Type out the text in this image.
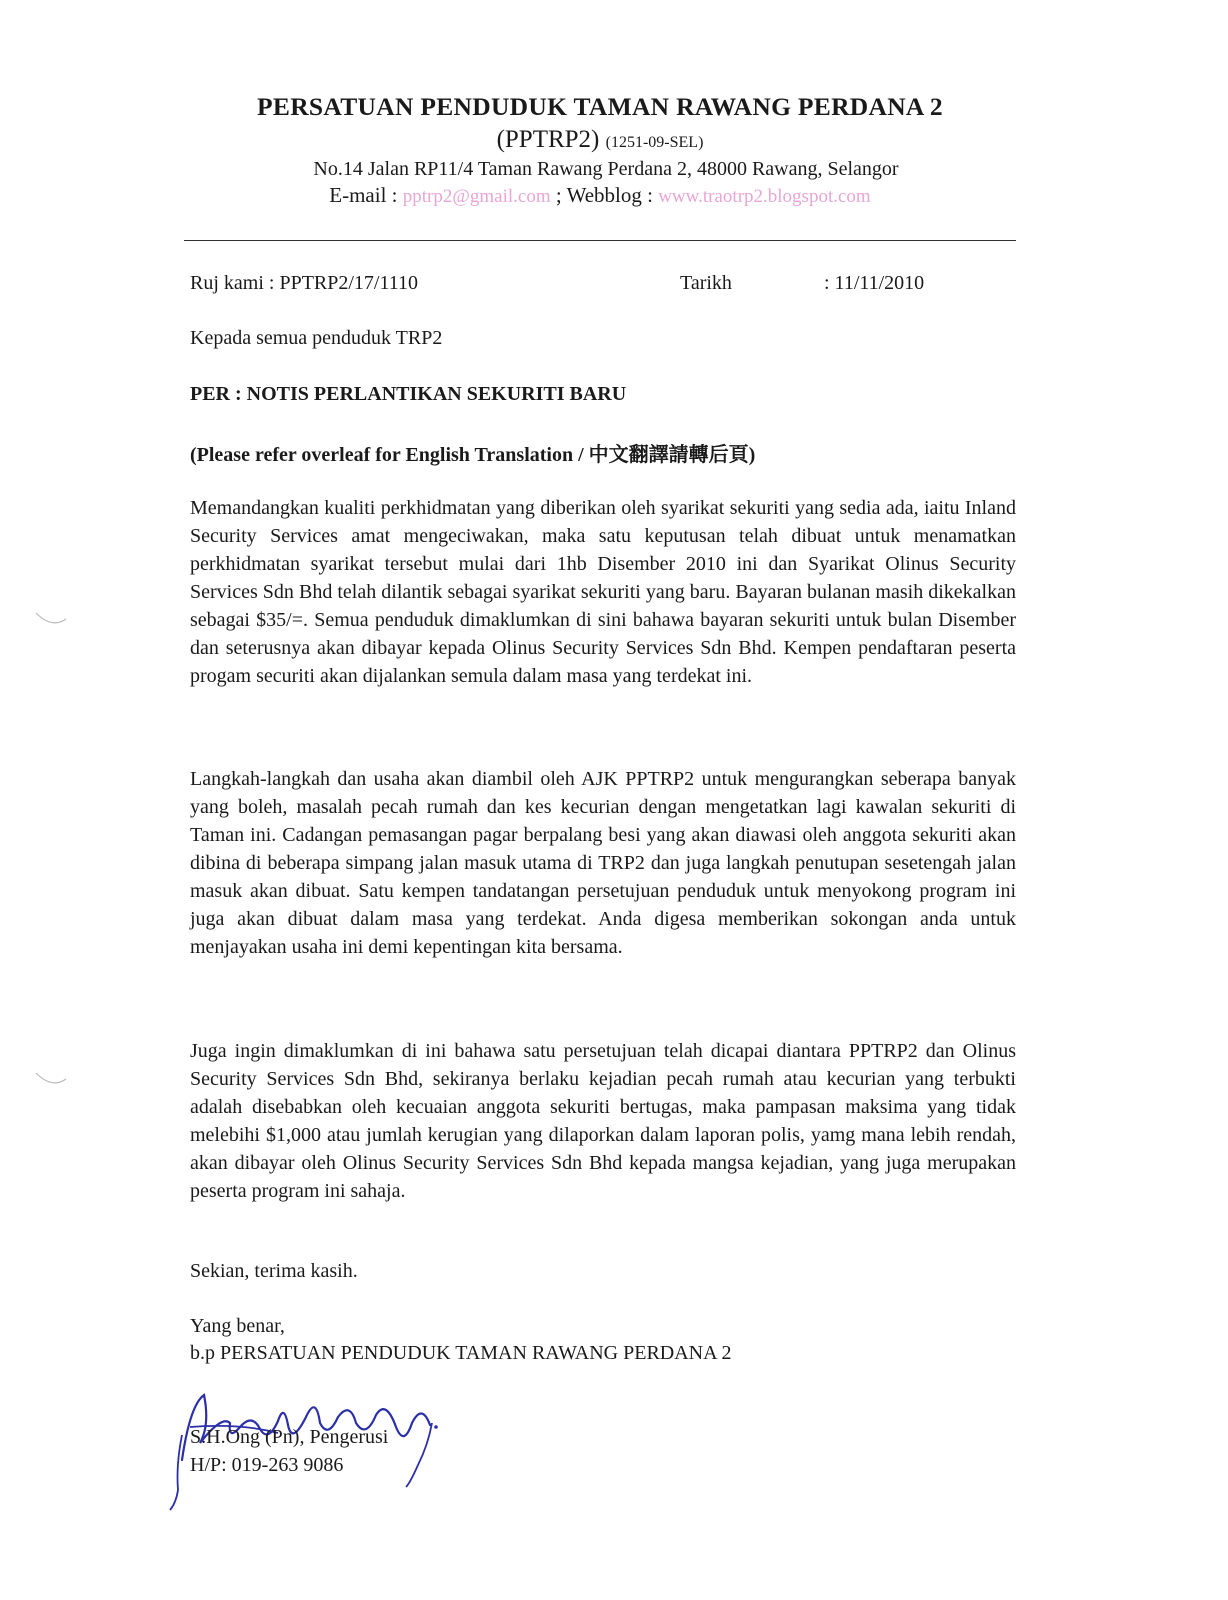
PERSATUAN PENDUDUK TAMAN RAWANG PERDANA 2
(PPTRP2) (1251-09-SEL)
No.14 Jalan RP11/4 Taman Rawang Perdana 2, 48000 Rawang, Selangor
E-mail : pptrp2@gmail.com ; Webblog : www.traotrp2.blogspot.com
Ruj kami : PPTRP2/17/1110	Tarikh	: 11/11/2010
Kepada semua penduduk TRP2
PER : NOTIS PERLANTIKAN SEKURITI BARU
(Please refer overleaf for English Translation / 中文翻譯請轉后頁)

Memandangkan kualiti perkhidmatan yang diberikan oleh syarikat sekuriti yang sedia ada, iaitu Inland Security Services amat mengeciwakan, maka satu keputusan telah dibuat untuk menamatkan perkhidmatan syarikat tersebut mulai dari 1hb Disember 2010 ini dan Syarikat Olinus Security Services Sdn Bhd telah dilantik sebagai syarikat sekuriti yang baru. Bayaran bulanan masih dikekalkan sebagai $35/=. Semua penduduk dimaklumkan di sini bahawa bayaran sekuriti untuk bulan Disember dan seterusnya akan dibayar kepada Olinus Security Services Sdn Bhd. Kempen pendaftaran peserta progam securiti akan dijalankan semula dalam masa yang terdekat ini.

Langkah-langkah dan usaha akan diambil oleh AJK PPTRP2 untuk mengurangkan seberapa banyak yang boleh, masalah pecah rumah dan kes kecurian dengan mengetatkan lagi kawalan sekuriti di Taman ini. Cadangan pemasangan pagar berpalang besi yang akan diawasi oleh anggota sekuriti akan dibina di beberapa simpang jalan masuk utama di TRP2 dan juga langkah penutupan sesetengah jalan masuk akan dibuat. Satu kempen tandatangan persetujuan penduduk untuk menyokong program ini juga akan dibuat dalam masa yang terdekat. Anda digesa memberikan sokongan anda untuk menjayakan usaha ini demi kepentingan kita bersama.

Juga ingin dimaklumkan di ini bahawa satu persetujuan telah dicapai diantara PPTRP2 dan Olinus Security Services Sdn Bhd, sekiranya berlaku kejadian pecah rumah atau kecurian yang terbukti adalah disebabkan oleh kecuaian anggota sekuriti bertugas, maka pampasan maksima yang tidak melebihi $1,000 atau jumlah kerugian yang dilaporkan dalam laporan polis, yamg mana lebih rendah, akan dibayar oleh Olinus Security Services Sdn Bhd kepada mangsa kejadian, yang juga merupakan peserta program ini sahaja.

Sekian, terima kasih.
Yang benar,
b.p PERSATUAN PENDUDUK TAMAN RAWANG PERDANA 2
S.H.Ong (Pn), Pengerusi
H/P: 019-263 9086
